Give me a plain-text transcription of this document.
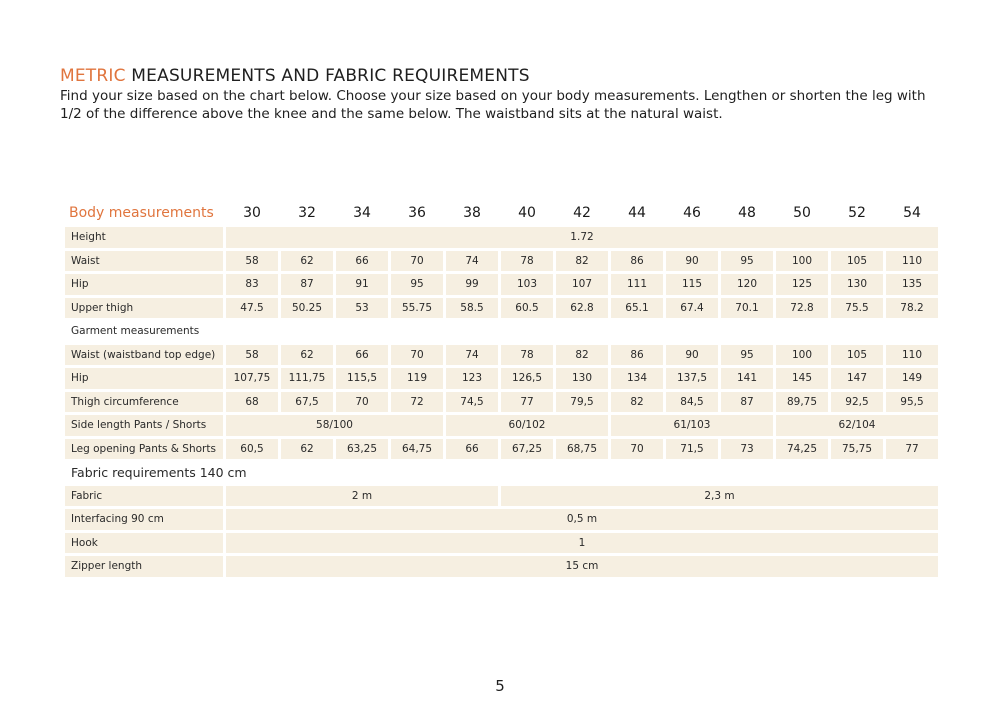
METRIC MEASUREMENTS AND FABRIC REQUIREMENTS
Find your size based on the chart below. Choose your size based on your body measurements. Lengthen or shorten the leg with 1/2 of the difference above the knee and the same below. The waistband sits at the natural waist.
Body measurements	30	32	34	36	38	40	42	44	46	48	50	52	54
Height	1.72												
Waist	58	62	66	70	74	78	82	86	90	95	100	105	110
Hip	83	87	91	95	99	103	107	111	115	120	125	130	135
Upper thigh	47.5	50.25	53	55.75	58.5	60.5	62.8	65.1	67.4	70.1	72.8	75.5	78.2
Garment measurements													
Waist (waistband top edge)	58	62	66	70	74	78	82	86	90	95	100	105	110
Hip	107,75	111,75	115,5	119	123	126,5	130	134	137,5	141	145	147	149
Thigh circumference	68	67,5	70	72	74,5	77	79,5	82	84,5	87	89,75	92,5	95,5
Side length Pants / Shorts	58/100				60/102			61/103			62/104		
Leg opening Pants & Shorts	60,5	62	63,25	64,75	66	67,25	68,75	70	71,5	73	74,25	75,75	77
Fabric requirements 140 cm													
Fabric	2 m					2,3 m							
Interfacing 90 cm	0,5 m												
Hook	1												
Zipper length	15 cm												
5
